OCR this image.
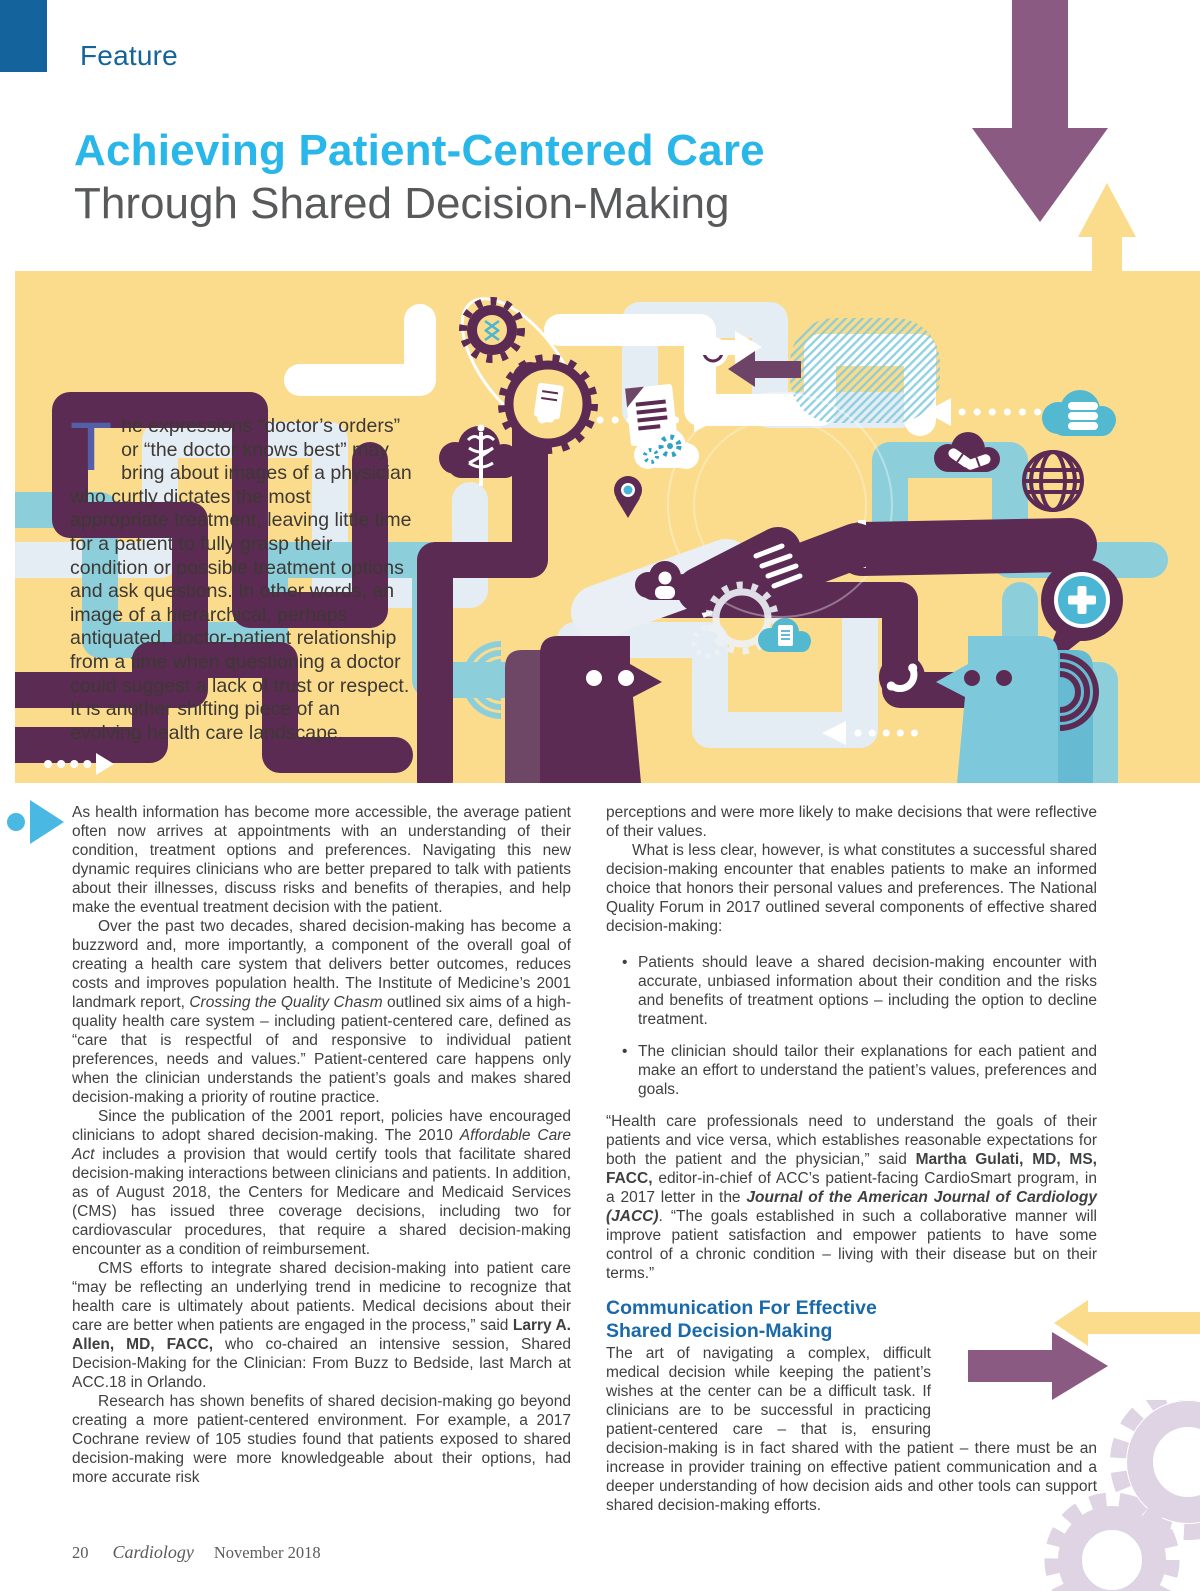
Feature
Achieving Patient-Centered Care
Through Shared Decision-Making
The expressions “doctor’s orders” or “the doctor knows best” may bring about images of a physician who curtly dictates the most appropriate treatment, leaving little time for a patient to fully grasp their condition or possible treatment options and ask questions. In other words, an image of a hierarchical, perhaps antiquated, doctor-patient relationship from a time when questioning a doctor could suggest a lack of trust or respect. It is another shifting piece of an evolving health care landscape.

As health information has become more accessible, the average patient often now arrives at appointments with an understanding of their condition, treatment options and preferences. Navigating this new dynamic requires clinicians who are better prepared to talk with patients about their illnesses, discuss risks and benefits of therapies, and help make the eventual treatment decision with the patient.

Over the past two decades, shared decision-making has become a buzzword and, more importantly, a component of the overall goal of creating a health care system that delivers better outcomes, reduces costs and improves population health. The Institute of Medicine’s 2001 landmark report, Crossing the Quality Chasm outlined six aims of a high-quality health care system – including patient-centered care, defined as “care that is respectful of and responsive to individual patient preferences, needs and values.” Patient-centered care happens only when the clinician understands the patient’s goals and makes shared decision-making a priority of routine practice.

Since the publication of the 2001 report, policies have encouraged clinicians to adopt shared decision-making. The 2010 Affordable Care Act includes a provision that would certify tools that facilitate shared decision-making interactions between clinicians and patients. In addition, as of August 2018, the Centers for Medicare and Medicaid Services (CMS) has issued three coverage decisions, including two for cardiovascular procedures, that require a shared decision-making encounter as a condition of reimbursement.

CMS efforts to integrate shared decision-making into patient care “may be reflecting an underlying trend in medicine to recognize that health care is ultimately about patients. Medical decisions about their care are better when patients are engaged in the process,” said Larry A. Allen, MD, FACC, who co-chaired an intensive session, Shared Decision-Making for the Clinician: From Buzz to Bedside, last March at ACC.18 in Orlando.

Research has shown benefits of shared decision-making go beyond creating a more patient-centered environment. For example, a 2017 Cochrane review of 105 studies found that patients exposed to shared decision-making were more knowledgeable about their options, had more accurate risk

perceptions and were more likely to make decisions that were reflective of their values.

What is less clear, however, is what constitutes a successful shared decision-making encounter that enables patients to make an informed choice that honors their personal values and preferences. The National Quality Forum in 2017 outlined several components of effective shared decision-making:

• Patients should leave a shared decision-making encounter with accurate, unbiased information about their condition and the risks and benefits of treatment options – including the option to decline treatment.
• The clinician should tailor their explanations for each patient and make an effort to understand the patient’s values, preferences and goals.

“Health care professionals need to understand the goals of their patients and vice versa, which establishes reasonable expectations for both the patient and the physician,” said Martha Gulati, MD, MS, FACC, editor-in-chief of ACC’s patient-facing CardioSmart program, in a 2017 letter in the Journal of the American Journal of Cardiology (JACC). “The goals established in such a collaborative manner will improve patient satisfaction and empower patients to have some control of a chronic condition – living with their disease but on their terms.”

Communication For Effective Shared Decision-Making

The art of navigating a complex, difficult medical decision while keeping the patient’s wishes at the center can be a difficult task. If clinicians are to be successful in practicing patient-centered care – that is, ensuring decision-making is in fact shared with the patient – there must be an increase in provider training on effective patient communication and a deeper understanding of how decision aids and other tools can support shared decision-making efforts.

20 Cardiology November 2018
